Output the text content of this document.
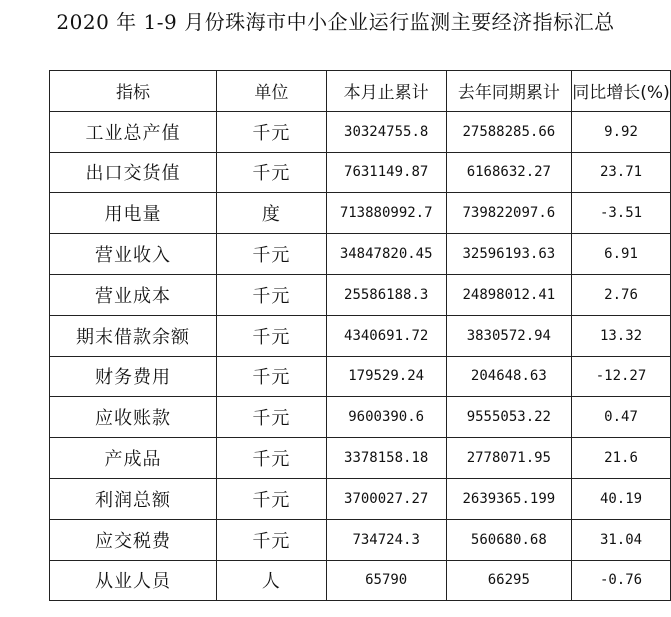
2020 年 1-9 月份珠海市中小企业运行监测主要经济指标汇总
指标	单位	本月止累计	去年同期累计	同比增长(%)
工业总产值	千元	30324755.8	27588285.66	9.92
出口交货值	千元	7631149.87	6168632.27	23.71
用电量	度	713880992.7	739822097.6	-3.51
营业收入	千元	34847820.45	32596193.63	6.91
营业成本	千元	25586188.3	24898012.41	2.76
期末借款余额	千元	4340691.72	3830572.94	13.32
财务费用	千元	179529.24	204648.63	-12.27
应收账款	千元	9600390.6	9555053.22	0.47
产成品	千元	3378158.18	2778071.95	21.6
利润总额	千元	3700027.27	2639365.199	40.19
应交税费	千元	734724.3	560680.68	31.04
从业人员	人	65790	66295	-0.76
